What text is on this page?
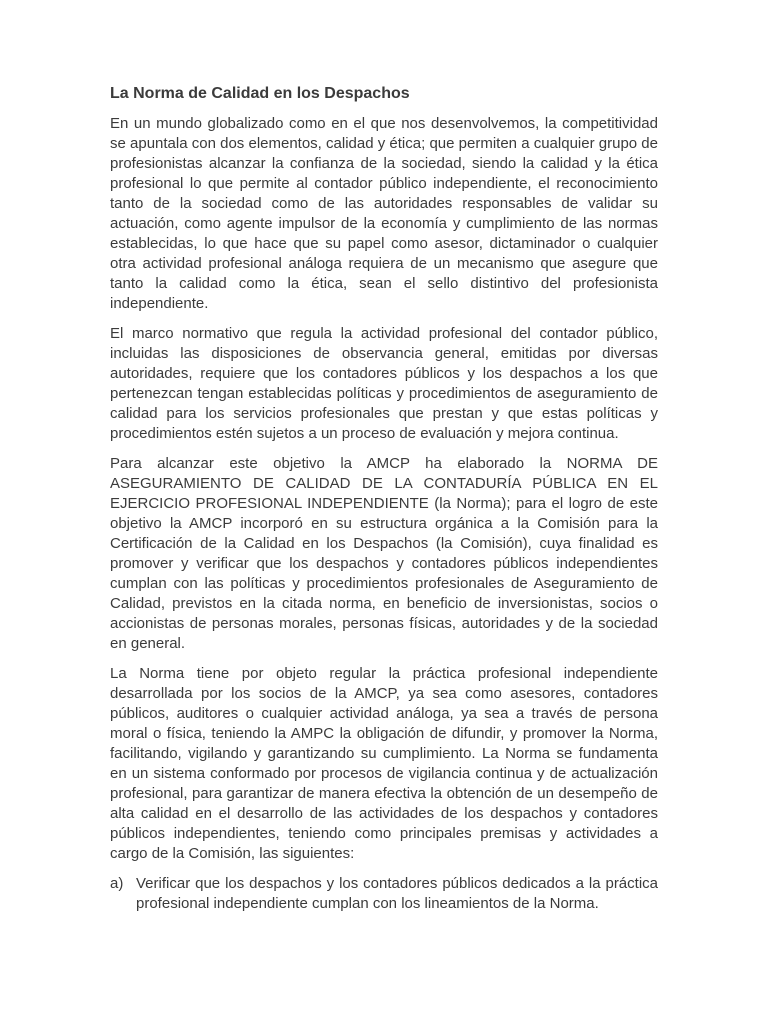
La Norma de Calidad en los Despachos

En un mundo globalizado como en el que nos desenvolvemos, la competitividad se apuntala con dos elementos, calidad y ética; que permiten a cualquier grupo de profesionistas alcanzar la confianza de la sociedad, siendo la calidad y la ética profesional lo que permite al contador público independiente, el reconocimiento tanto de la sociedad como de las autoridades responsables de validar su actuación, como agente impulsor de la economía y cumplimiento de las normas establecidas, lo que hace que su papel como asesor, dictaminador o cualquier otra actividad profesional análoga requiera de un mecanismo que asegure que tanto la calidad como la ética, sean el sello distintivo del profesionista independiente.

El marco normativo que regula la actividad profesional del contador público, incluidas las disposiciones de observancia general, emitidas por diversas autoridades, requiere que los contadores públicos y los despachos a los que pertenezcan tengan establecidas políticas y procedimientos de aseguramiento de calidad para los servicios profesionales que prestan y que estas políticas y procedimientos estén sujetos a un proceso de evaluación y mejora continua.

Para alcanzar este objetivo la AMCP ha elaborado la NORMA DE ASEGURAMIENTO DE CALIDAD DE LA CONTADURÍA PÚBLICA EN EL EJERCICIO PROFESIONAL INDEPENDIENTE (la Norma); para el logro de este objetivo la AMCP incorporó en su estructura orgánica a la Comisión para la Certificación de la Calidad en los Despachos (la Comisión), cuya finalidad es promover y verificar que los despachos y contadores públicos independientes cumplan con las políticas y procedimientos profesionales de Aseguramiento de Calidad, previstos en la citada norma, en beneficio de inversionistas, socios o accionistas de personas morales, personas físicas, autoridades y de la sociedad en general.

La Norma tiene por objeto regular la práctica profesional independiente desarrollada por los socios de la AMCP, ya sea como asesores, contadores públicos, auditores o cualquier actividad análoga, ya sea a través de persona moral o física, teniendo la AMPC la obligación de difundir, y promover la Norma, facilitando, vigilando y garantizando su cumplimiento. La Norma se fundamenta en un sistema conformado por procesos de vigilancia continua y de actualización profesional, para garantizar de manera efectiva la obtención de un desempeño de alta calidad en el desarrollo de las actividades de los despachos y contadores públicos independientes, teniendo como principales premisas y actividades a cargo de la Comisión, las siguientes:

a) Verificar que los despachos y los contadores públicos dedicados a la práctica profesional independiente cumplan con los lineamientos de la Norma.
